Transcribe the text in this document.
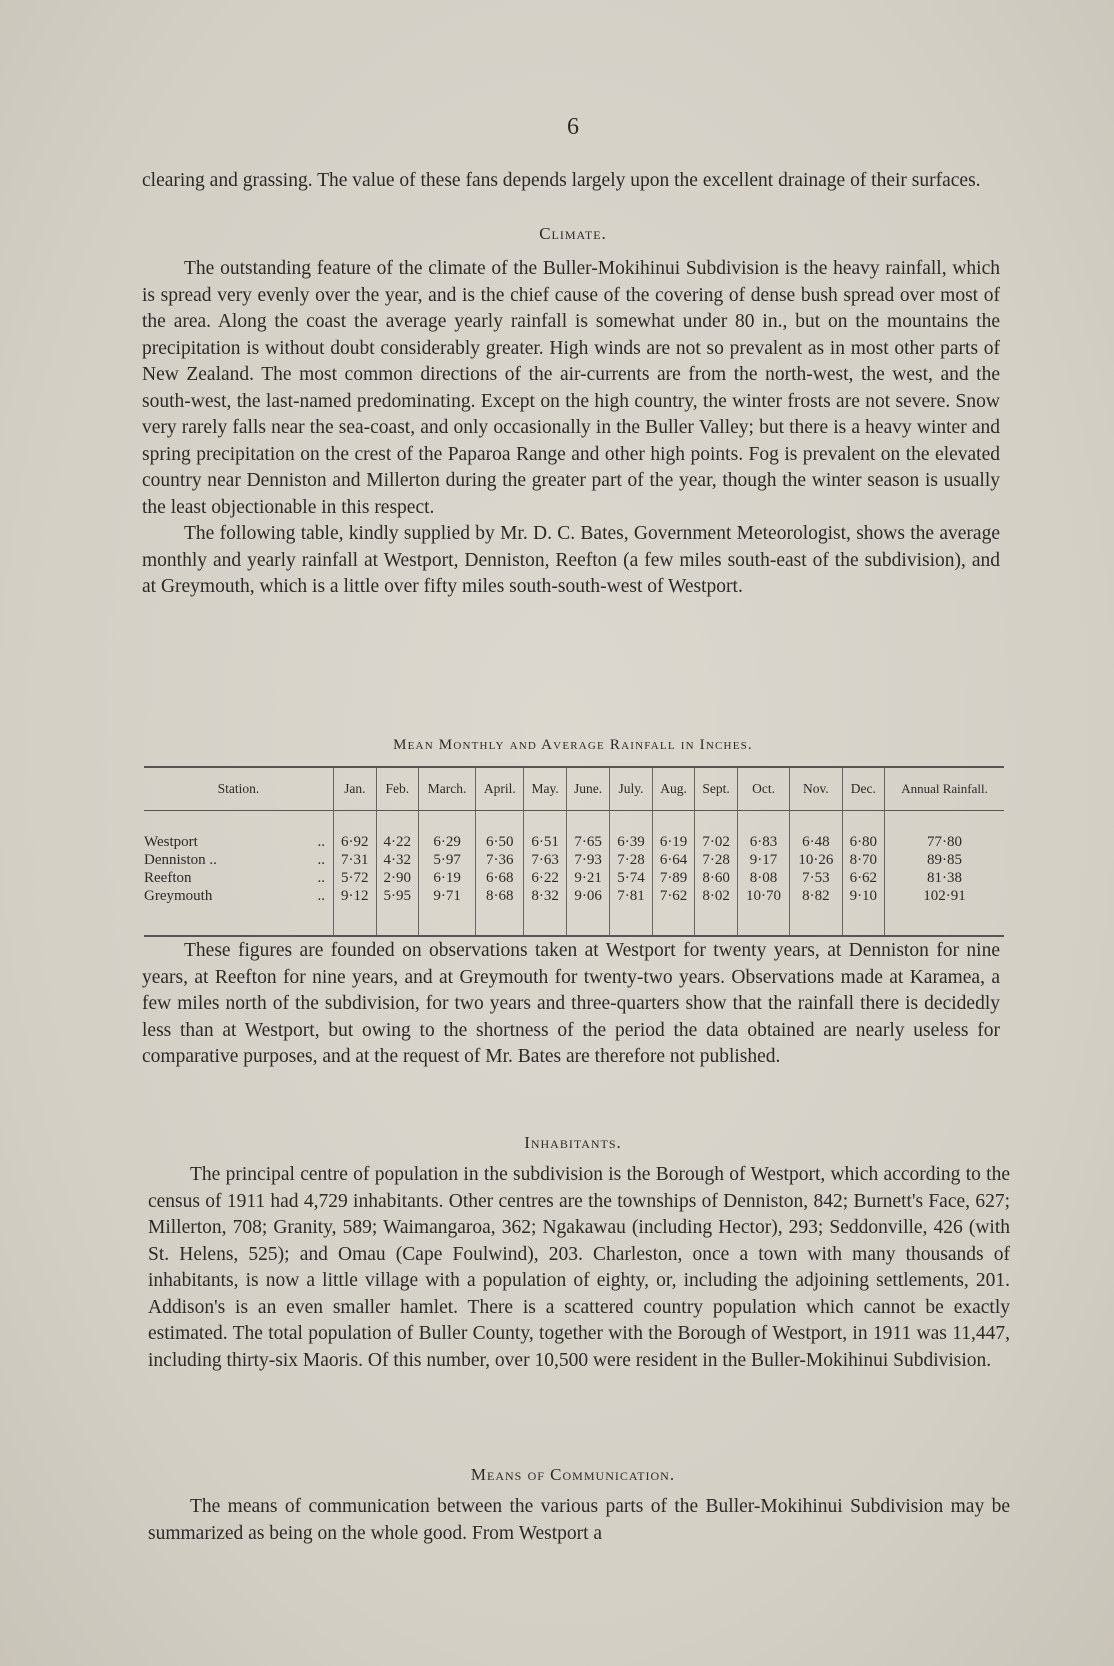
6

clearing and grassing. The value of these fans depends largely upon the excellent drainage of their surfaces.

Climate.

The outstanding feature of the climate of the Buller-Mokihinui Subdivision is the heavy rainfall, which is spread very evenly over the year, and is the chief cause of the covering of dense bush spread over most of the area. Along the coast the average yearly rainfall is somewhat under 80 in., but on the mountains the precipitation is without doubt considerably greater. High winds are not so prevalent as in most other parts of New Zealand. The most common directions of the air-currents are from the north-west, the west, and the south-west, the last-named predominating. Except on the high country, the winter frosts are not severe. Snow very rarely falls near the sea-coast, and only occasionally in the Buller Valley; but there is a heavy winter and spring precipitation on the crest of the Paparoa Range and other high points. Fog is prevalent on the elevated country near Denniston and Millerton during the greater part of the year, though the winter season is usually the least objectionable in this respect.

The following table, kindly supplied by Mr. D. C. Bates, Government Meteorologist, shows the average monthly and yearly rainfall at Westport, Denniston, Reefton (a few miles south-east of the subdivision), and at Greymouth, which is a little over fifty miles south-south-west of Westport.

Mean Monthly and Average Rainfall in Inches.
Station.	Jan.	Feb.	March.	April.	May.	June.	July.	Aug.	Sept.	Oct.	Nov.	Dec.	Annual Rainfall.

Westport ..	6·92	4·22	6·29	6·50	6·51	7·65	6·39	6·19	7·02	6·83	6·48	6·80	77·80

Denniston .. ..	7·31	4·32	5·97	7·36	7·63	7·93	7·28	6·64	7·28	9·17	10·26	8·70	89·85

Reefton ..	5·72	2·90	6·19	6·68	6·22	9·21	5·74	7·89	8·60	8·08	7·53	6·62	81·38

Greymouth ..	9·12	5·95	9·71	8·68	8·32	9·06	7·81	7·62	8·02	10·70	8·82	9·10	102·91

These figures are founded on observations taken at Westport for twenty years, at Denniston for nine years, at Reefton for nine years, and at Greymouth for twenty-two years. Observations made at Karamea, a few miles north of the subdivision, for two years and three-quarters show that the rainfall there is decidedly less than at Westport, but owing to the shortness of the period the data obtained are nearly useless for comparative purposes, and at the request of Mr. Bates are therefore not published.

Inhabitants.

The principal centre of population in the subdivision is the Borough of Westport, which according to the census of 1911 had 4,729 inhabitants. Other centres are the townships of Denniston, 842; Burnett's Face, 627; Millerton, 708; Granity, 589; Waimangaroa, 362; Ngakawau (including Hector), 293; Seddonville, 426 (with St. Helens, 525); and Omau (Cape Foulwind), 203. Charleston, once a town with many thousands of inhabitants, is now a little village with a population of eighty, or, including the adjoining settlements, 201. Addison's is an even smaller hamlet. There is a scattered country population which cannot be exactly estimated. The total population of Buller County, together with the Borough of Westport, in 1911 was 11,447, including thirty-six Maoris. Of this number, over 10,500 were resident in the Buller-Mokihinui Subdivision.

Means of Communication.

The means of communication between the various parts of the Buller-Mokihinui Subdivision may be summarized as being on the whole good. From Westport a
